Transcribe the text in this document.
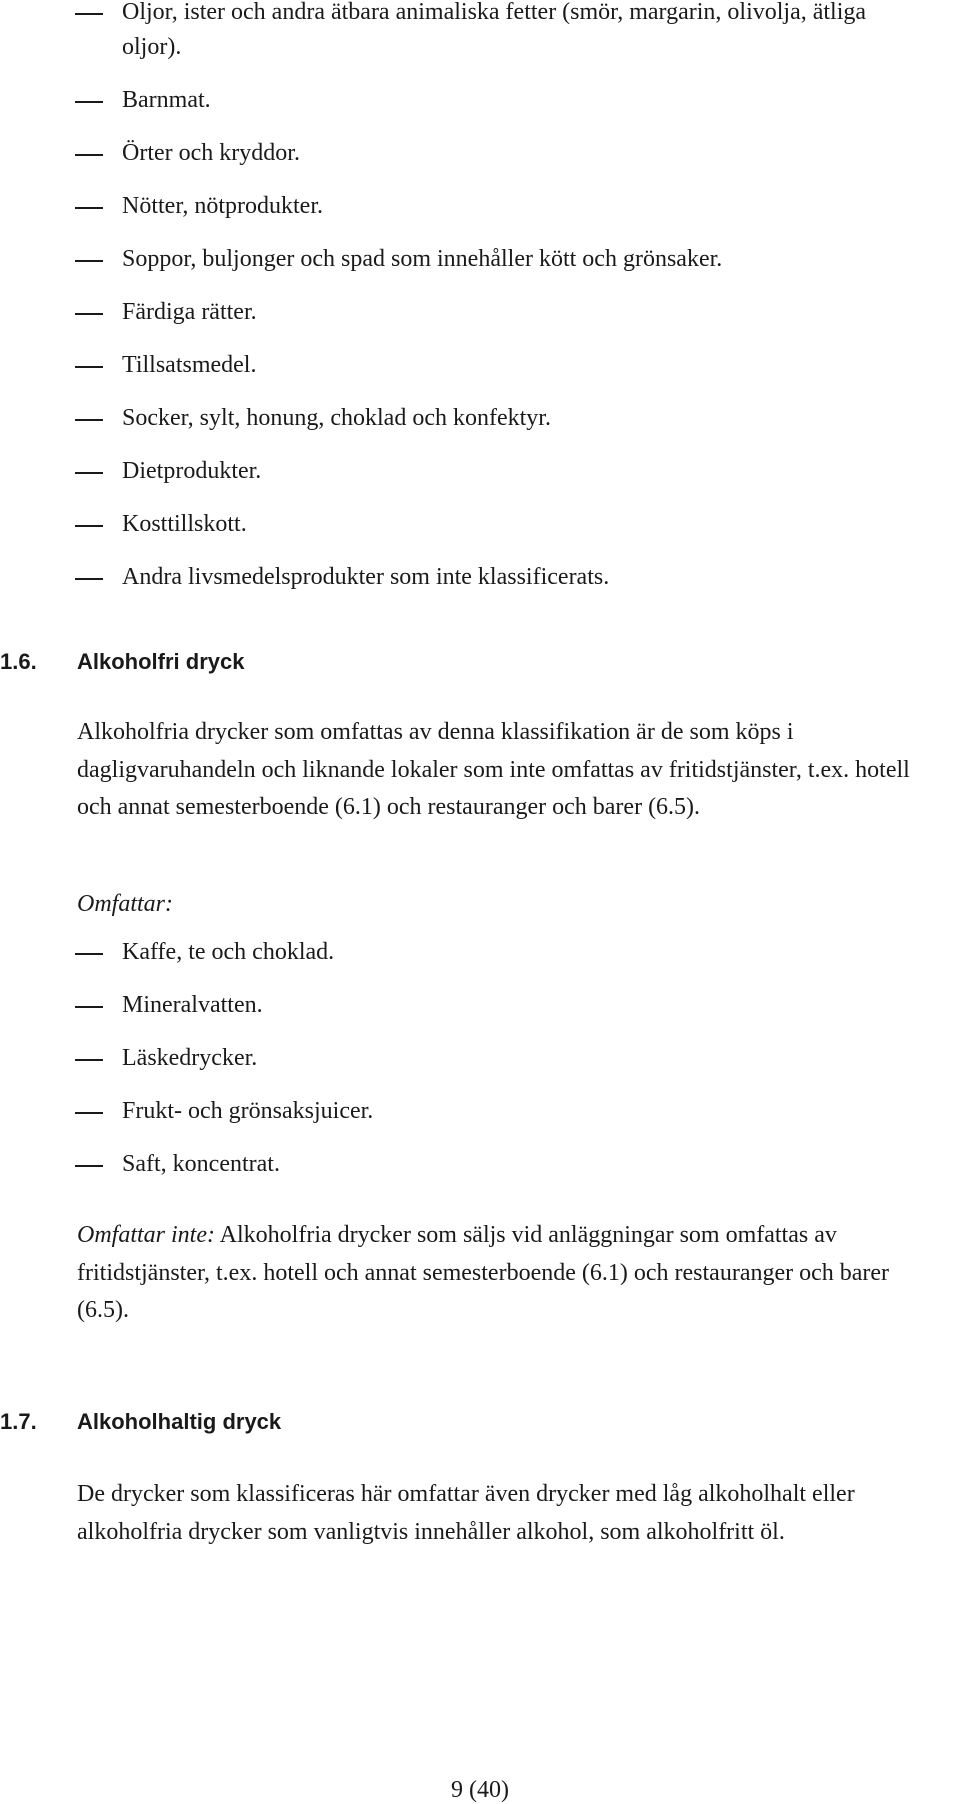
Oljor, ister och andra ätbara animaliska fetter (smör, margarin, olivolja, ätliga oljor).
Barnmat.
Örter och kryddor.
Nötter, nötprodukter.
Soppor, buljonger och spad som innehåller kött och grönsaker.
Färdiga rätter.
Tillsatsmedel.
Socker, sylt, honung, choklad och konfektyr.
Dietprodukter.
Kosttillskott.
Andra livsmedelsprodukter som inte klassificerats.
1.6. Alkoholfri dryck

Alkoholfria drycker som omfattas av denna klassifikation är de som köps i dagligvaruhandeln och liknande lokaler som inte omfattas av fritidstjänster, t.ex. hotell och annat semesterboende (6.1) och restauranger och barer (6.5).

Omfattar:

Kaffe, te och choklad.
Mineralvatten.
Läskedrycker.
Frukt- och grönsaksjuicer.
Saft, koncentrat.

Omfattar inte: Alkoholfria drycker som säljs vid anläggningar som omfattas av fritidstjänster, t.ex. hotell och annat semesterboende (6.1) och restauranger och barer (6.5).

1.7. Alkoholhaltig dryck

De drycker som klassificeras här omfattar även drycker med låg alkoholhalt eller alkoholfria drycker som vanligtvis innehåller alkohol, som alkoholfritt öl.

9 (40)
